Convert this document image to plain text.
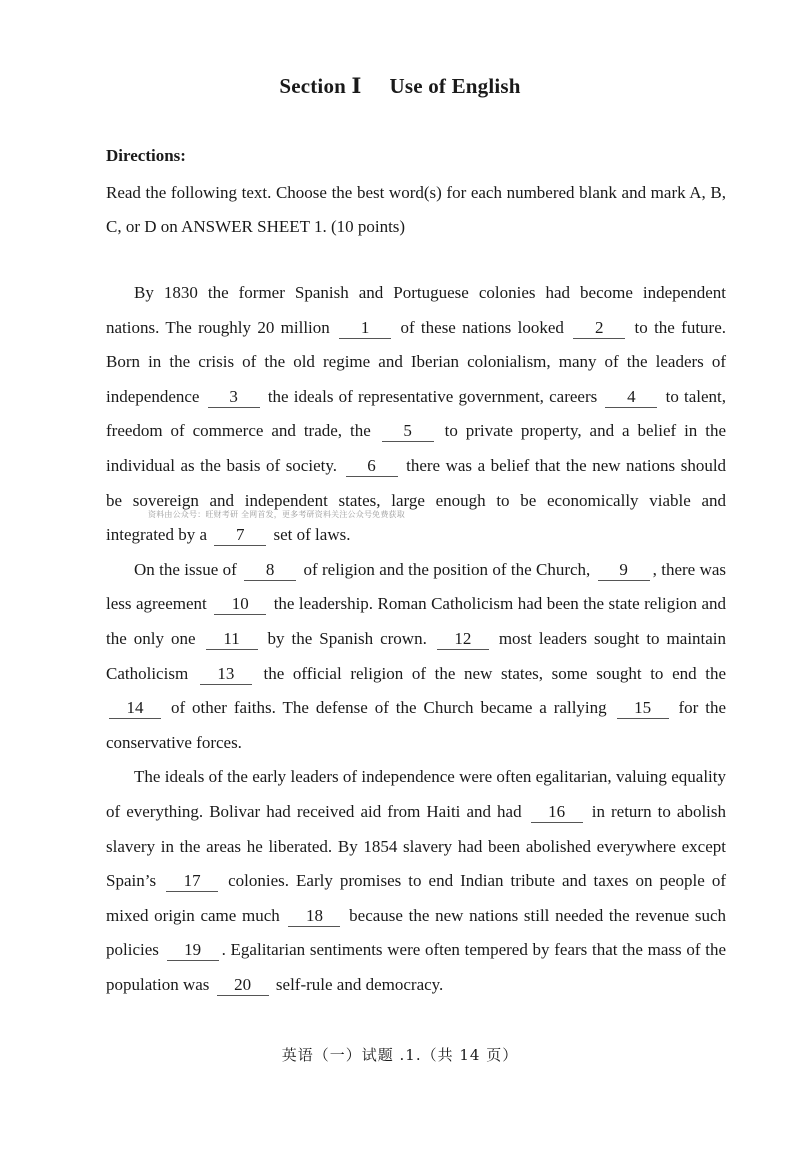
Section Ⅰ Use of English
Directions:
Read the following text. Choose the best word(s) for each numbered blank and mark A, B, C, or D on ANSWER SHEET 1. (10 points)

By 1830 the former Spanish and Portuguese colonies had become independent nations. The roughly 20 million 1 of these nations looked 2 to the future. Born in the crisis of the old regime and Iberian colonialism, many of the leaders of independence 3 the ideals of representative government, careers 4 to talent, freedom of commerce and trade, the 5 to private property, and a belief in the individual as the basis of society. 6 there was a belief that the new nations should be sovereign and independent states, large enough to be economically viable and integrated by a 7 set of laws.

On the issue of 8 of religion and the position of the Church, 9 , there was less agreement 10 the leadership. Roman Catholicism had been the state religion and the only one 11 by the Spanish crown. 12 most leaders sought to maintain Catholicism 13 the official religion of the new states, some sought to end the 14 of other faiths. The defense of the Church became a rallying 15 for the conservative forces.

The ideals of the early leaders of independence were often egalitarian, valuing equality of everything. Bolivar had received aid from Haiti and had 16 in return to abolish slavery in the areas he liberated. By 1854 slavery had been abolished everywhere except Spain’s 17 colonies. Early promises to end Indian tribute and taxes on people of mixed origin came much 18 because the new nations still needed the revenue such policies 19 . Egalitarian sentiments were often tempered by fears that the mass of the population was 20 self-rule and democracy.

资料由公众号：旺财考研 全网首发，更多考研资料关注公众号免费获取
英语（一）试题 .1.（共 14 页）
